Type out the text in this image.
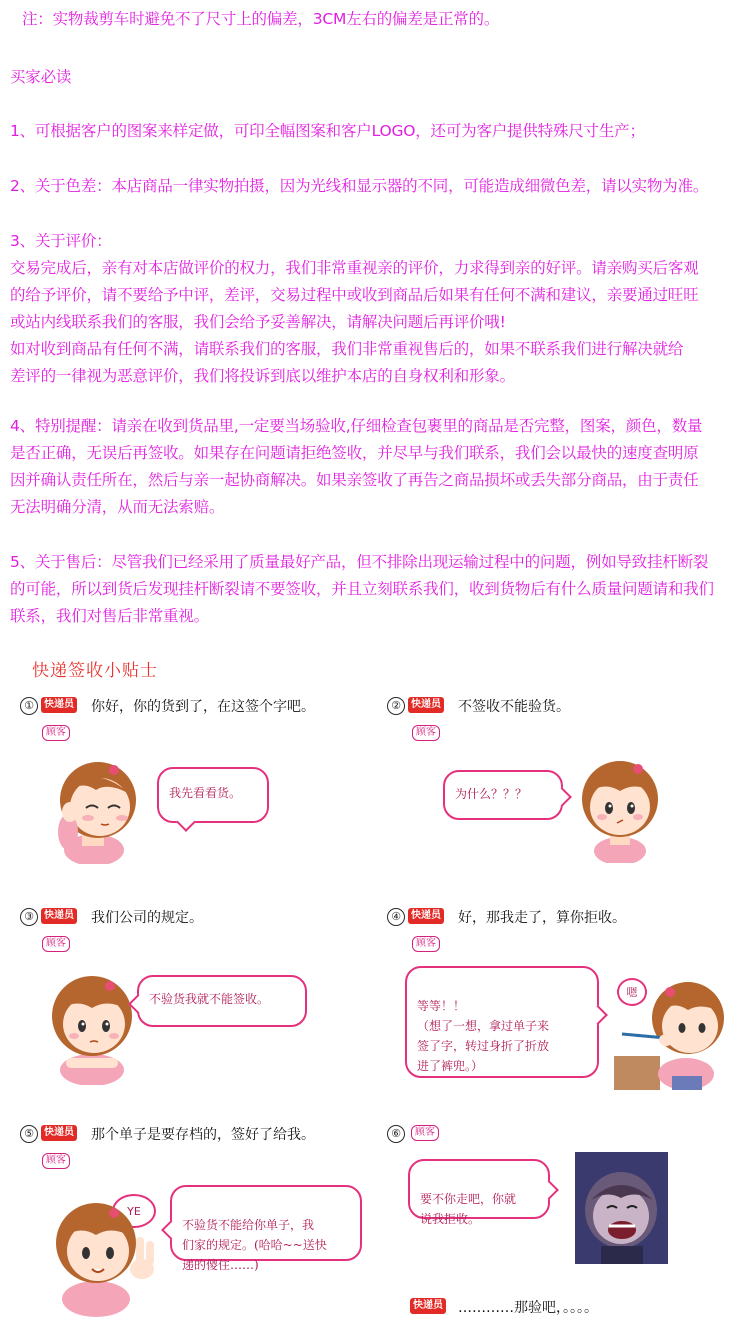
注：实物裁剪车时避免不了尺寸上的偏差，3CM左右的偏差是正常的。
买家必读
1、可根据客户的图案来样定做，可印全幅图案和客户LOGO，还可为客户提供特殊尺寸生产；
2、关于色差：本店商品一律实物拍摄，因为光线和显示器的不同，可能造成细微色差，请以实物为准。
3、关于评价：
交易完成后，亲有对本店做评价的权力，我们非常重视亲的评价，力求得到亲的好评。请亲购买后客观
的给予评价，请不要给予中评，差评，交易过程中或收到商品后如果有任何不满和建议，亲要通过旺旺
或站内线联系我们的客服，我们会给予妥善解决，请解决问题后再评价哦!
如对收到商品有任何不满，请联系我们的客服，我们非常重视售后的，如果不联系我们进行解决就给
差评的一律视为恶意评价，我们将投诉到底以维护本店的自身权利和形象。
4、特别提醒：请亲在收到货品里,一定要当场验收,仔细检查包裹里的商品是否完整，图案，颜色，数量
是否正确，无误后再签收。如果存在问题请拒绝签收，并尽早与我们联系，我们会以最快的速度查明原
因并确认责任所在，然后与亲一起协商解决。如果亲签收了再告之商品损坏或丢失部分商品，由于责任
无法明确分清，从而无法索赔。
5、关于售后：尽管我们已经采用了质量最好产品，但不排除出现运输过程中的问题，例如导致挂杆断裂
的可能，所以到货后发现挂杆断裂请不要签收，并且立刻联系我们，收到货物后有什么质量问题请和我们
联系，我们对售后非常重视。
快递签收小贴士
①	快递员 你好，你的货到了，在这签个字吧。
顾客
我先看看货。
②	快递员 不签收不能验货。
顾客
为什么？？？
③	快递员 我们公司的规定。
顾客
不验货我就不能签收。
④	快递员 好，那我走了，算你拒收。
顾客

等等！！
（想了一想，拿过单子来
签了字，转过身折了折放
进了裤兜。）

嗯
⑤	快递员 那个单子是要存档的，签好了给我。
顾客
YE

不验货不能给你单子，我
们家的规定。(哈哈~~送快
递的傻住……)

⑥	顾客

要不你走吧，你就
说我拒收。

快递员 …………那验吧，。。。。
